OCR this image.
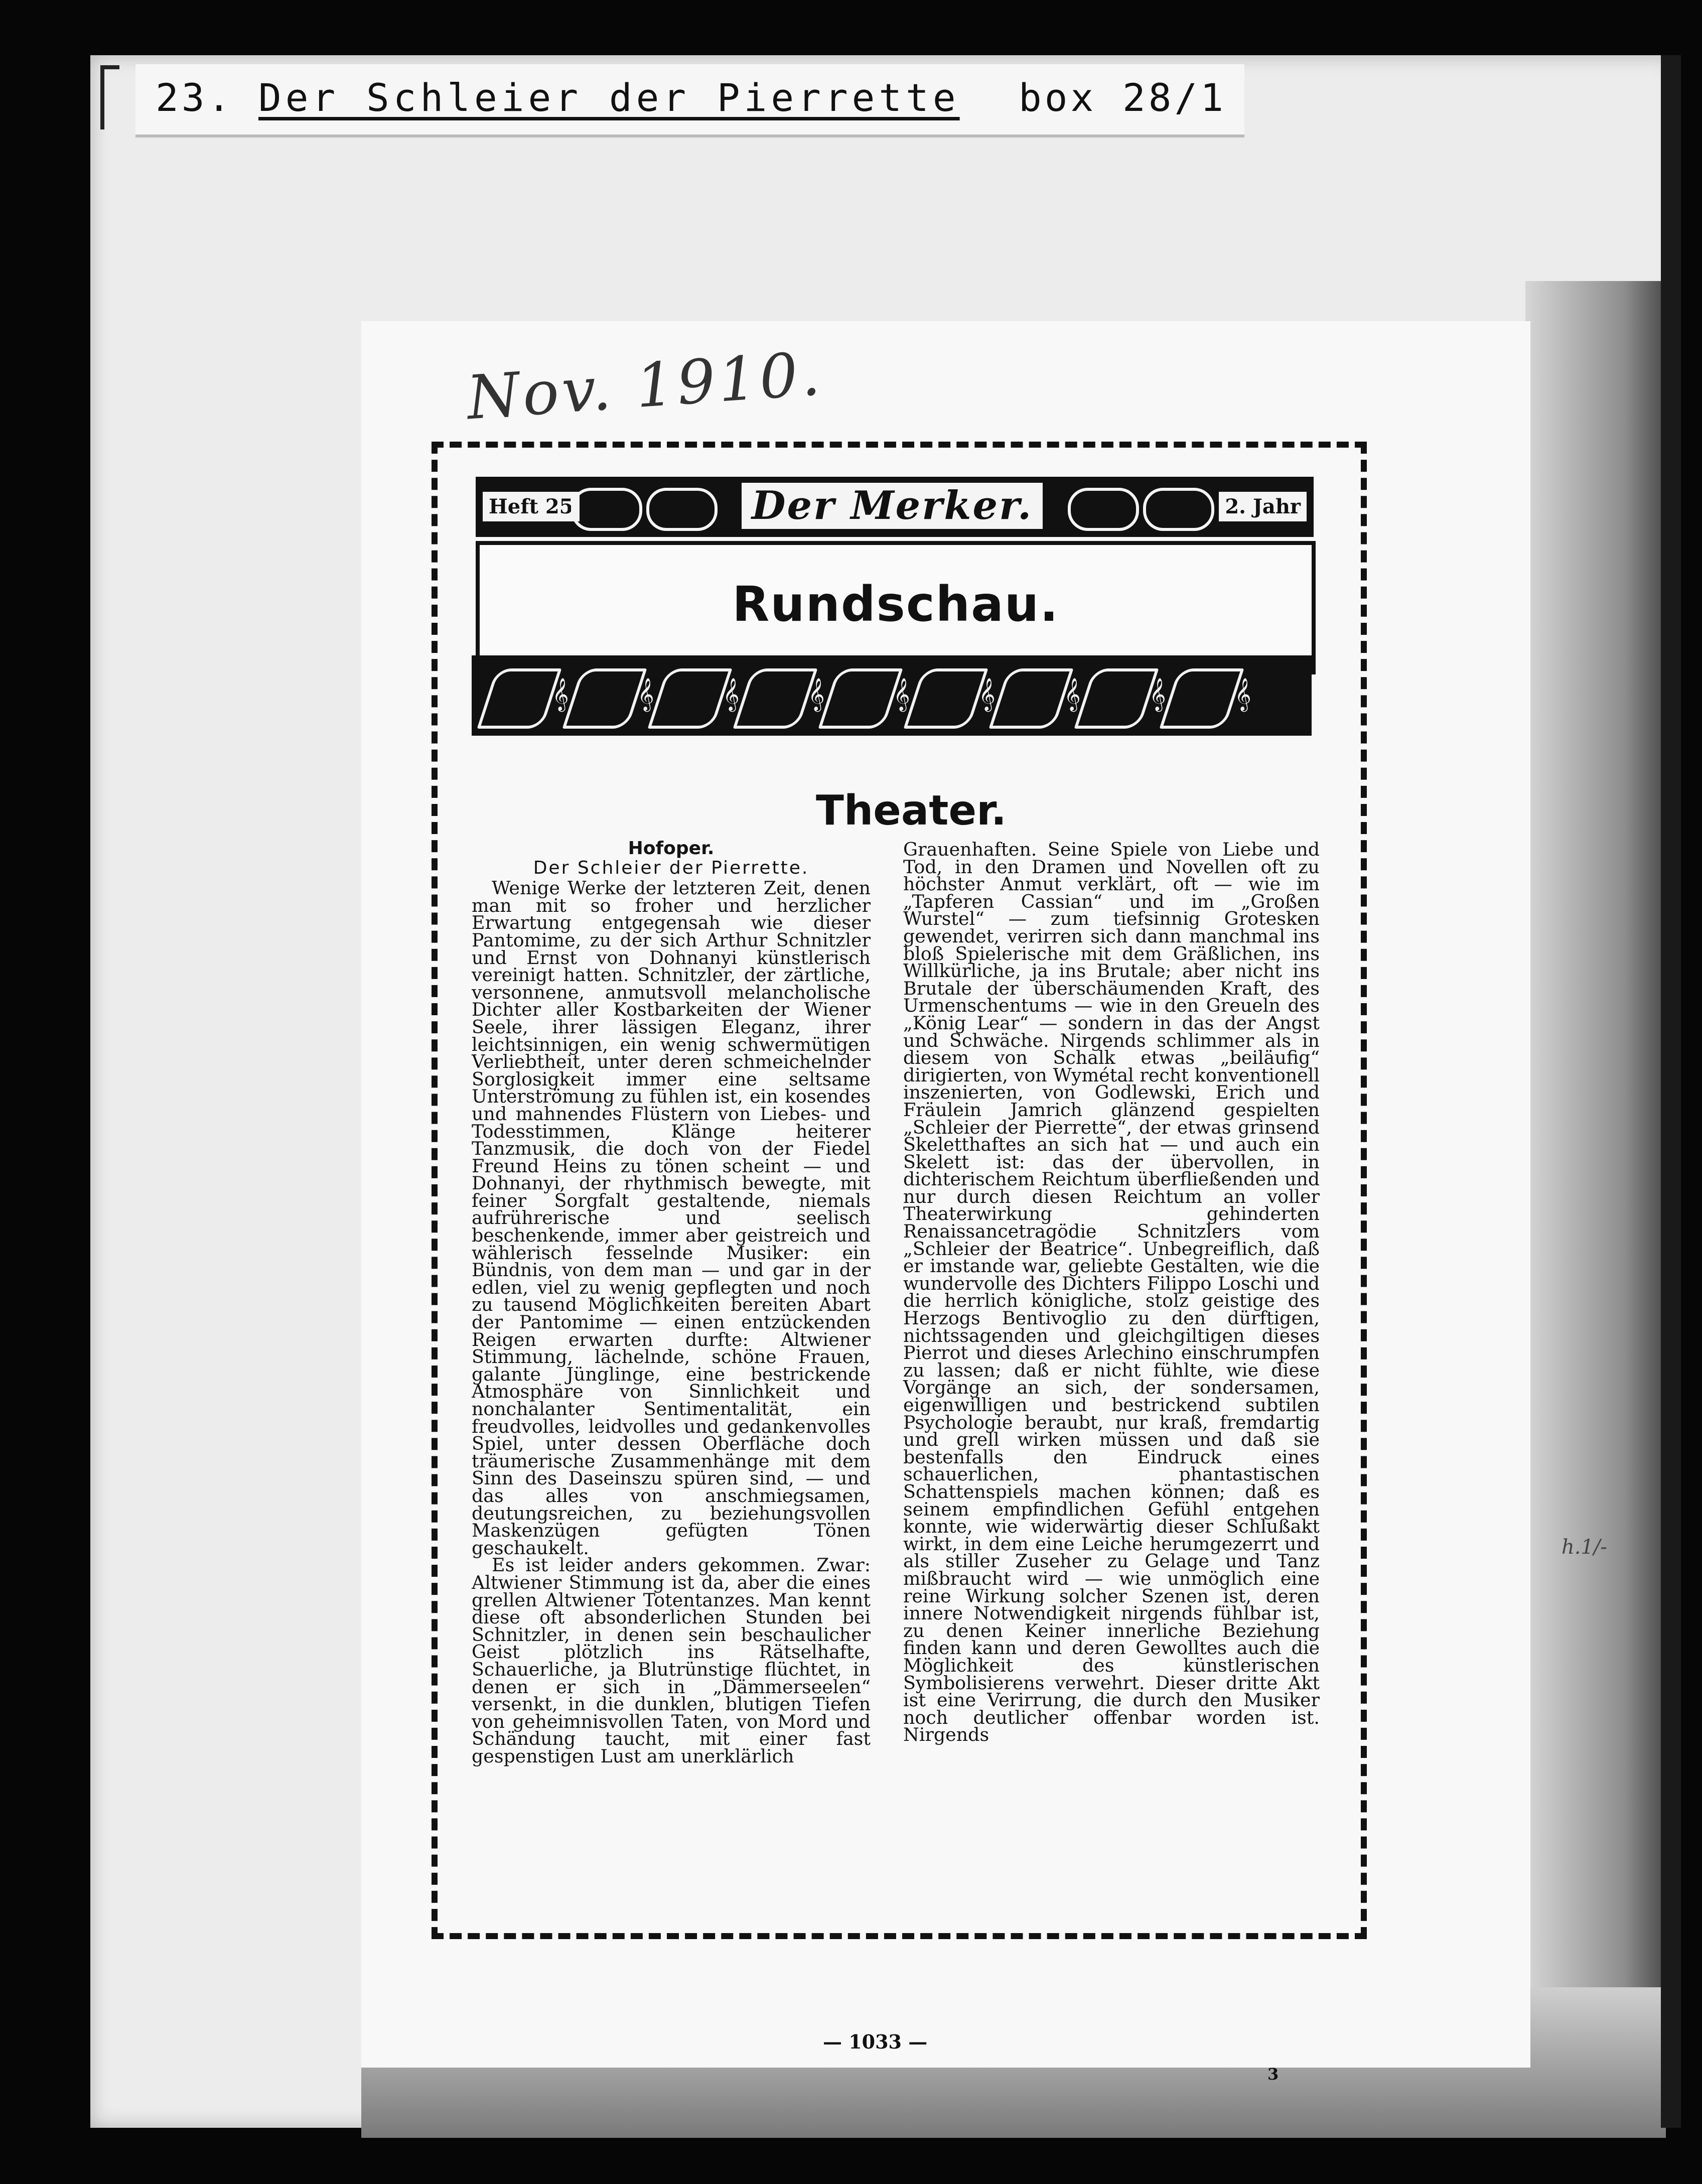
23. Der Schleier der Pierrette box 28/1
Nov. 1910.
Heft 25	Der Merker.	2. Jahr
Rundschau.
𝄞 𝄞 𝄞 𝄞 𝄞 𝄞 𝄞 𝄞 𝄞
Theater.
Hofoper.
Der Schleier der Pierrette.

Wenige Werke der letzteren Zeit, denen man mit so froher und herzlicher Erwartung entgegensah wie dieser Pantomime, zu der sich Arthur Schnitzler und Ernst von Dohnanyi künstlerisch vereinigt hatten. Schnitzler, der zärtliche, versonnene, anmutsvoll melancholische Dichter aller Kostbarkeiten der Wiener Seele, ihrer lässigen Eleganz, ihrer leichtsinnigen, ein wenig schwermütigen Verliebtheit, unter deren schmeichelnder Sorglosigkeit immer eine seltsame Unterströmung zu fühlen ist, ein kosendes und mahnendes Flüstern von Liebes- und Todesstimmen, Klänge heiterer Tanzmusik, die doch von der Fiedel Freund Heins zu tönen scheint — und Dohnanyi, der rhythmisch bewegte, mit feiner Sorgfalt gestaltende, niemals aufrührerische und seelisch beschenkende, immer aber geistreich und wählerisch fesselnde Musiker: ein Bündnis, von dem man — und gar in der edlen, viel zu wenig gepflegten und noch zu tausend Möglichkeiten bereiten Abart der Pantomime — einen entzückenden Reigen erwarten durfte: Altwiener Stimmung, lächelnde, schöne Frauen, galante Jünglinge, eine bestrickende Atmosphäre von Sinnlichkeit und nonchalanter Sentimentalität, ein freudvolles, leidvolles und gedankenvolles Spiel, unter dessen Oberfläche doch träumerische Zusammenhänge mit dem Sinn des Daseinszu spüren sind, — und das alles von anschmiegsamen, deutungsreichen, zu beziehungsvollen Maskenzügen gefügten Tönen geschaukelt.

Es ist leider anders gekommen. Zwar: Altwiener Stimmung ist da, aber die eines grellen Altwiener Totentanzes. Man kennt diese oft absonderlichen Stunden bei Schnitzler, in denen sein beschaulicher Geist plötzlich ins Rätselhafte, Schauerliche, ja Blutrünstige flüchtet, in denen er sich in „Dämmerseelen“ versenkt, in die dunklen, blutigen Tiefen von geheimnisvollen Taten, von Mord und Schändung taucht, mit einer fast gespenstigen Lust am unerklärlich

Grauenhaften. Seine Spiele von Liebe und Tod, in den Dramen und Novellen oft zu höchster Anmut verklärt, oft — wie im „Tapferen Cassian“ und im „Großen Wurstel“ — zum tiefsinnig Grotesken gewendet, verirren sich dann manchmal ins bloß Spielerische mit dem Gräßlichen, ins Willkürliche, ja ins Brutale; aber nicht ins Brutale der überschäumenden Kraft, des Urmenschentums — wie in den Greueln des „König Lear“ — sondern in das der Angst und Schwäche. Nirgends schlimmer als in diesem von Schalk etwas „beiläufig“ dirigierten, von Wymétal recht konventionell inszenierten, von Godlewski, Erich und Fräulein Jamrich glänzend gespielten „Schleier der Pierrette“, der etwas grinsend Skeletthaftes an sich hat — und auch ein Skelett ist: das der übervollen, in dichterischem Reichtum überfließenden und nur durch diesen Reichtum an voller Theaterwirkung gehinderten Renaissancetragödie Schnitzlers vom „Schleier der Beatrice“. Unbegreiflich, daß er imstande war, geliebte Gestalten, wie die wundervolle des Dichters Filippo Loschi und die herrlich königliche, stolz geistige des Herzogs Bentivoglio zu den dürftigen, nichtssagenden und gleichgiltigen dieses Pierrot und dieses Arlechino einschrumpfen zu lassen; daß er nicht fühlte, wie diese Vorgänge an sich, der sondersamen, eigenwilligen und bestrickend subtilen Psychologie beraubt, nur kraß, fremdartig und grell wirken müssen und daß sie bestenfalls den Eindruck eines schauerlichen, phantastischen Schattenspiels machen können; daß es seinem empfindlichen Gefühl entgehen konnte, wie widerwärtig dieser Schlußakt wirkt, in dem eine Leiche herumgezerrt und als stiller Zuseher zu Gelage und Tanz mißbraucht wird — wie unmöglich eine reine Wirkung solcher Szenen ist, deren innere Notwendigkeit nirgends fühlbar ist, zu denen Keiner innerliche Beziehung finden kann und deren Gewolltes auch die Möglichkeit des künstlerischen Symbolisierens verwehrt. Dieser dritte Akt ist eine Verirrung, die durch den Musiker noch deutlicher offenbar worden ist. Nirgends

— 1033 —
3
h.1/-
